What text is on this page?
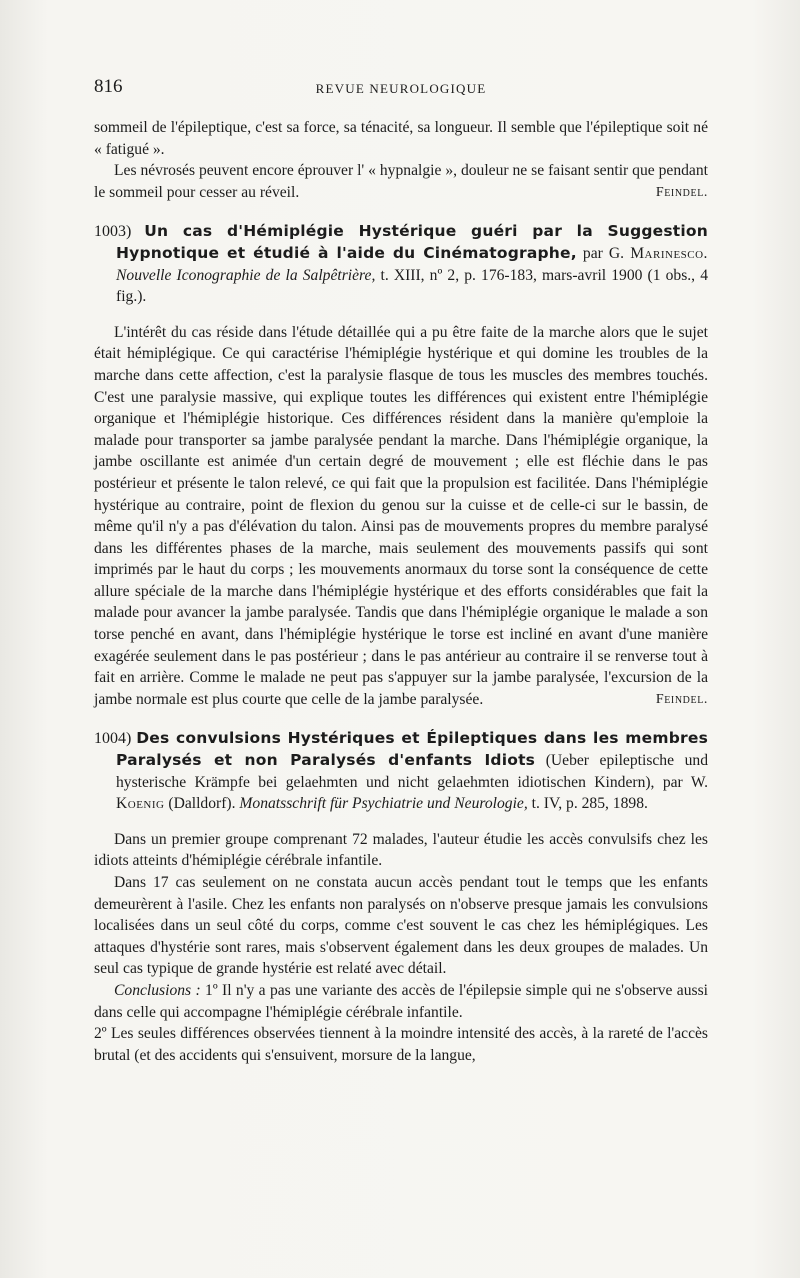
816	REVUE NEUROLOGIQUE

sommeil de l'épileptique, c'est sa force, sa ténacité, sa longueur. Il semble que l'épileptique soit né « fatigué ».

Les névrosés peuvent encore éprouver l' « hypnalgie », douleur ne se faisant sentir que pendant le sommeil pour cesser au réveil.	Feindel.

1003) Un cas d'Hémiplégie Hystérique guéri par la Suggestion Hypnotique et étudié à l'aide du Cinématographe, par G. Marinesco. Nouvelle Iconographie de la Salpêtrière, t. XIII, nº 2, p. 176-183, mars-avril 1900 (1 obs., 4 fig.).

L'intérêt du cas réside dans l'étude détaillée qui a pu être faite de la marche alors que le sujet était hémiplégique. Ce qui caractérise l'hémiplégie hystérique et qui domine les troubles de la marche dans cette affection, c'est la paralysie flasque de tous les muscles des membres touchés. C'est une paralysie massive, qui explique toutes les différences qui existent entre l'hémiplégie organique et l'hémiplégie historique. Ces différences résident dans la manière qu'emploie la malade pour transporter sa jambe paralysée pendant la marche. Dans l'hémiplégie organique, la jambe oscillante est animée d'un certain degré de mouvement ; elle est fléchie dans le pas postérieur et présente le talon relevé, ce qui fait que la propulsion est facilitée. Dans l'hémiplégie hystérique au contraire, point de flexion du genou sur la cuisse et de celle-ci sur le bassin, de même qu'il n'y a pas d'élévation du talon. Ainsi pas de mouvements propres du membre paralysé dans les différentes phases de la marche, mais seulement des mouvements passifs qui sont imprimés par le haut du corps ; les mouvements anormaux du torse sont la conséquence de cette allure spéciale de la marche dans l'hémiplégie hystérique et des efforts considérables que fait la malade pour avancer la jambe paralysée. Tandis que dans l'hémiplégie organique le malade a son torse penché en avant, dans l'hémiplégie hystérique le torse est incliné en avant d'une manière exagérée seulement dans le pas postérieur ; dans le pas antérieur au contraire il se renverse tout à fait en arrière. Comme le malade ne peut pas s'appuyer sur la jambe paralysée, l'excursion de la jambe normale est plus courte que celle de la jambe paralysée.	Feindel.

1004) Des convulsions Hystériques et Épileptiques dans les membres Paralysés et non Paralysés d'enfants Idiots (Ueber epileptische und hysterische Krämpfe bei gelaehmten und nicht gelaehmten idiotischen Kindern), par W. Koenig (Dalldorf). Monatsschrift für Psychiatrie und Neurologie, t. IV, p. 285, 1898.

Dans un premier groupe comprenant 72 malades, l'auteur étudie les accès convulsifs chez les idiots atteints d'hémiplégie cérébrale infantile.

Dans 17 cas seulement on ne constata aucun accès pendant tout le temps que les enfants demeurèrent à l'asile. Chez les enfants non paralysés on n'observe presque jamais les convulsions localisées dans un seul côté du corps, comme c'est souvent le cas chez les hémiplégiques. Les attaques d'hystérie sont rares, mais s'observent également dans les deux groupes de malades. Un seul cas typique de grande hystérie est relaté avec détail.

Conclusions : 1º Il n'y a pas une variante des accès de l'épilepsie simple qui ne s'observe aussi dans celle qui accompagne l'hémiplégie cérébrale infantile.

2º Les seules différences observées tiennent à la moindre intensité des accès, à la rareté de l'accès brutal (et des accidents qui s'ensuivent, morsure de la langue,
